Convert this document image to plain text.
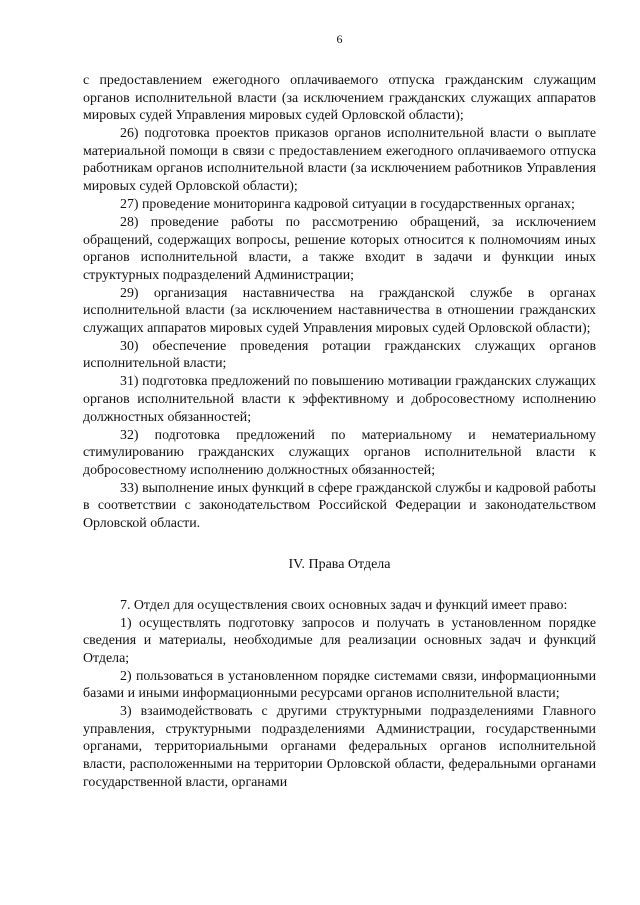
6

с предоставлением ежегодного оплачиваемого отпуска гражданским служащим органов исполнительной власти (за исключением гражданских служащих аппаратов мировых судей Управления мировых судей Орловской области);

26) подготовка проектов приказов органов исполнительной власти о выплате материальной помощи в связи с предоставлением ежегодного оплачиваемого отпуска работникам органов исполнительной власти (за исключением работников Управления мировых судей Орловской области);

27) проведение мониторинга кадровой ситуации в государственных органах;

28) проведение работы по рассмотрению обращений, за исключением обращений, содержащих вопросы, решение которых относится к полномочиям иных органов исполнительной власти, а также входит в задачи и функции иных структурных подразделений Администрации;

29) организация наставничества на гражданской службе в органах исполнительной власти (за исключением наставничества в отношении гражданских служащих аппаратов мировых судей Управления мировых судей Орловской области);

30) обеспечение проведения ротации гражданских служащих органов исполнительной власти;

31) подготовка предложений по повышению мотивации гражданских служащих органов исполнительной власти к эффективному и добросовестному исполнению должностных обязанностей;

32) подготовка предложений по материальному и нематериальному стимулированию гражданских служащих органов исполнительной власти к добросовестному исполнению должностных обязанностей;

33) выполнение иных функций в сфере гражданской службы и кадровой работы в соответствии с законодательством Российской Федерации и законодательством Орловской области.

IV. Права Отдела

7. Отдел для осуществления своих основных задач и функций имеет право:

1) осуществлять подготовку запросов и получать в установленном порядке сведения и материалы, необходимые для реализации основных задач и функций Отдела;

2) пользоваться в установленном порядке системами связи, информационными базами и иными информационными ресурсами органов исполнительной власти;

3) взаимодействовать с другими структурными подразделениями Главного управления, структурными подразделениями Администрации, государственными органами, территориальными органами федеральных органов исполнительной власти, расположенными на территории Орловской области, федеральными органами государственной власти, органами
